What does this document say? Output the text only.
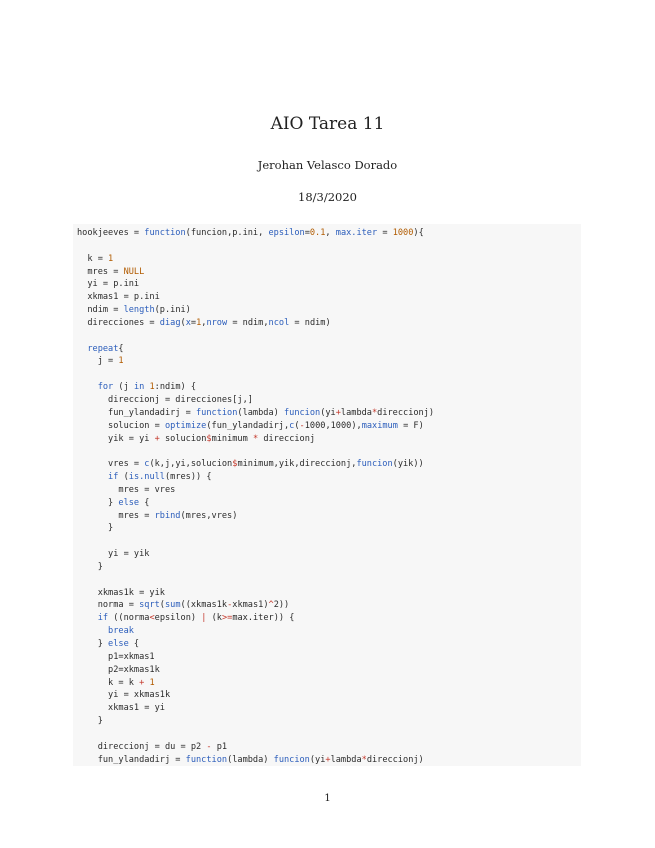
AIO Tarea 11
Jerohan Velasco Dorado
18/3/2020
hookjeeves = function(funcion,p.ini, epsilon=0.1, max.iter = 1000){

k = 1
mres = NULL
yi = p.ini
xkmas1 = p.ini
ndim = length(p.ini)
direcciones = diag(x=1,nrow = ndim,ncol = ndim)

repeat{
j = 1

for (j in 1:ndim) {
direccionj = direcciones[j,]
fun_ylandadirj = function(lambda) funcion(yi+lambda*direccionj)
solucion = optimize(fun_ylandadirj,c(-1000,1000),maximum = F)
yik = yi + solucion$minimum * direccionj

vres = c(k,j,yi,solucion$minimum,yik,direccionj,funcion(yik))
if (is.null(mres)) {
mres = vres
} else {
mres = rbind(mres,vres)
}

yi = yik
}

xkmas1k = yik
norma = sqrt(sum((xkmas1k-xkmas1)^2))
if ((norma<epsilon) | (k>=max.iter)) {
break
} else {
p1=xkmas1
p2=xkmas1k
k = k + 1
yi = xkmas1k
xkmas1 = yi
}

direccionj = du = p2 - p1
fun_ylandadirj = function(lambda) funcion(yi+lambda*direccionj)
1
